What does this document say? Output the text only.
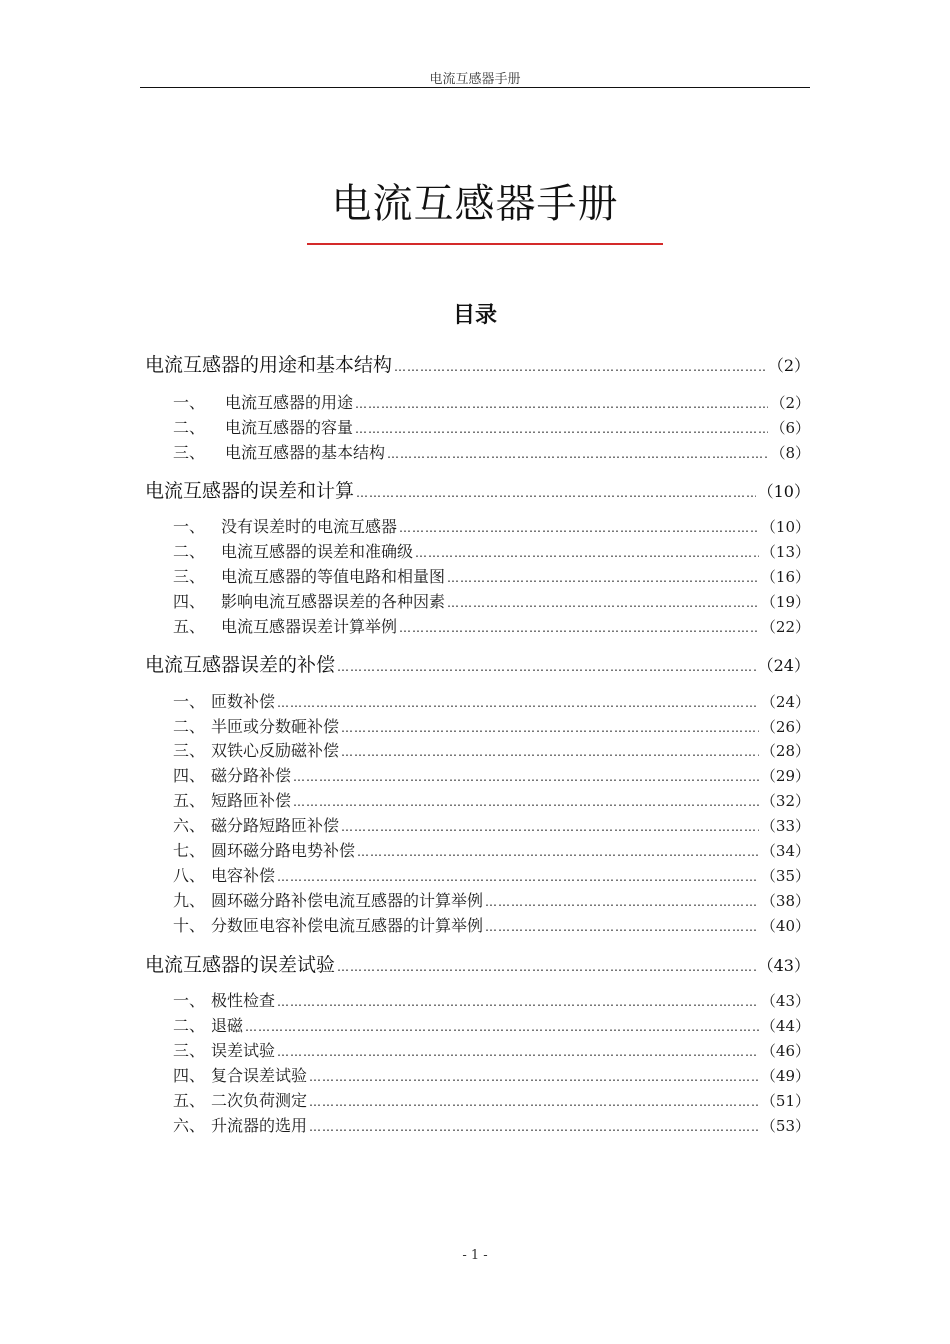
电流互感器手册
电流互感器手册
目录
电流互感器的用途和基本结构 …………………………………………………………………………………………………………………………………………………………………………………………	（2）
一、	电流互感器的用途 …………………………………………………………………………………………………………………………………………………………………………………………	（2）
二、	电流互感器的容量 …………………………………………………………………………………………………………………………………………………………………………………………	（6）
三、	电流互感器的基本结构 …………………………………………………………………………………………………………………………………………………………………………………………	（8）
电流互感器的误差和计算 …………………………………………………………………………………………………………………………………………………………………………………………	（10）
一、 没有误差时的电流互感器 …………………………………………………………………………………………………………………………………………………………………………………………	（10）
二、 电流互感器的误差和准确级 …………………………………………………………………………………………………………………………………………………………………………………………	（13）
三、 电流互感器的等值电路和相量图 …………………………………………………………………………………………………………………………………………………………………………………………	（16）
四、 影响电流互感器误差的各种因素 …………………………………………………………………………………………………………………………………………………………………………………………	（19）
五、 电流互感器误差计算举例 …………………………………………………………………………………………………………………………………………………………………………………………	（22）
电流互感器误差的补偿 …………………………………………………………………………………………………………………………………………………………………………………………	（24）
一、 匝数补偿 …………………………………………………………………………………………………………………………………………………………………………………………	（24）
二、 半匝或分数砸补偿 …………………………………………………………………………………………………………………………………………………………………………………………	（26）
三、 双铁心反励磁补偿 …………………………………………………………………………………………………………………………………………………………………………………………	（28）
四、 磁分路补偿 …………………………………………………………………………………………………………………………………………………………………………………………	（29）
五、 短路匝补偿 …………………………………………………………………………………………………………………………………………………………………………………………	（32）
六、 磁分路短路匝补偿 …………………………………………………………………………………………………………………………………………………………………………………………	（33）
七、 圆环磁分路电势补偿 …………………………………………………………………………………………………………………………………………………………………………………………	（34）
八、 电容补偿 …………………………………………………………………………………………………………………………………………………………………………………………	（35）
九、 圆环磁分路补偿电流互感器的计算举例 …………………………………………………………………………………………………………………………………………………………………………………………	（38）
十、 分数匝电容补偿电流互感器的计算举例 …………………………………………………………………………………………………………………………………………………………………………………………	（40）
电流互感器的误差试验 …………………………………………………………………………………………………………………………………………………………………………………………	（43）
一、 极性检查 …………………………………………………………………………………………………………………………………………………………………………………………	（43）
二、 退磁 …………………………………………………………………………………………………………………………………………………………………………………………	（44）
三、 误差试验 …………………………………………………………………………………………………………………………………………………………………………………………	（46）
四、 复合误差试验 …………………………………………………………………………………………………………………………………………………………………………………………	（49）
五、 二次负荷测定 …………………………………………………………………………………………………………………………………………………………………………………………	（51）
六、 升流器的选用 …………………………………………………………………………………………………………………………………………………………………………………………	（53）
- 1 -
